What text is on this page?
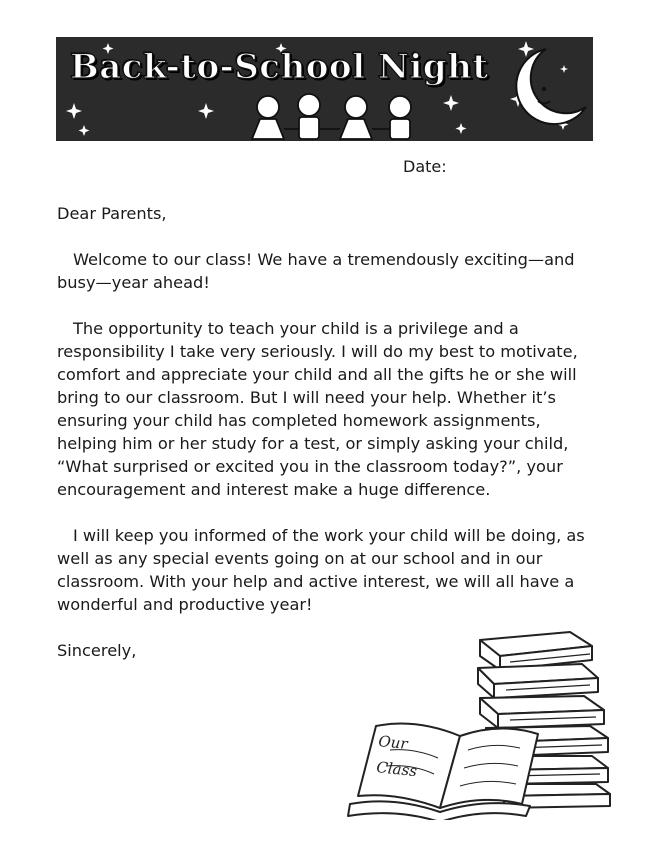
Back-to-School Night
Date:

Dear Parents,

Welcome to our class! We have a tremendously exciting—and busy—year ahead!

The opportunity to teach your child is a privilege and a responsibility I take very seriously. I will do my best to motivate, comfort and appreciate your child and all the gifts he or she will bring to our classroom. But I will need your help. Whether it’s ensuring your child has completed homework assignments, helping him or her study for a test, or simply asking your child, “What surprised or excited you in the classroom today?”, your encouragement and interest make a huge difference.

I will keep you informed of the work your child will be doing, as well as any special events going on at our school and in our classroom. With your help and active interest, we will all have a wonderful and productive year!

Sincerely,

Our
Class
